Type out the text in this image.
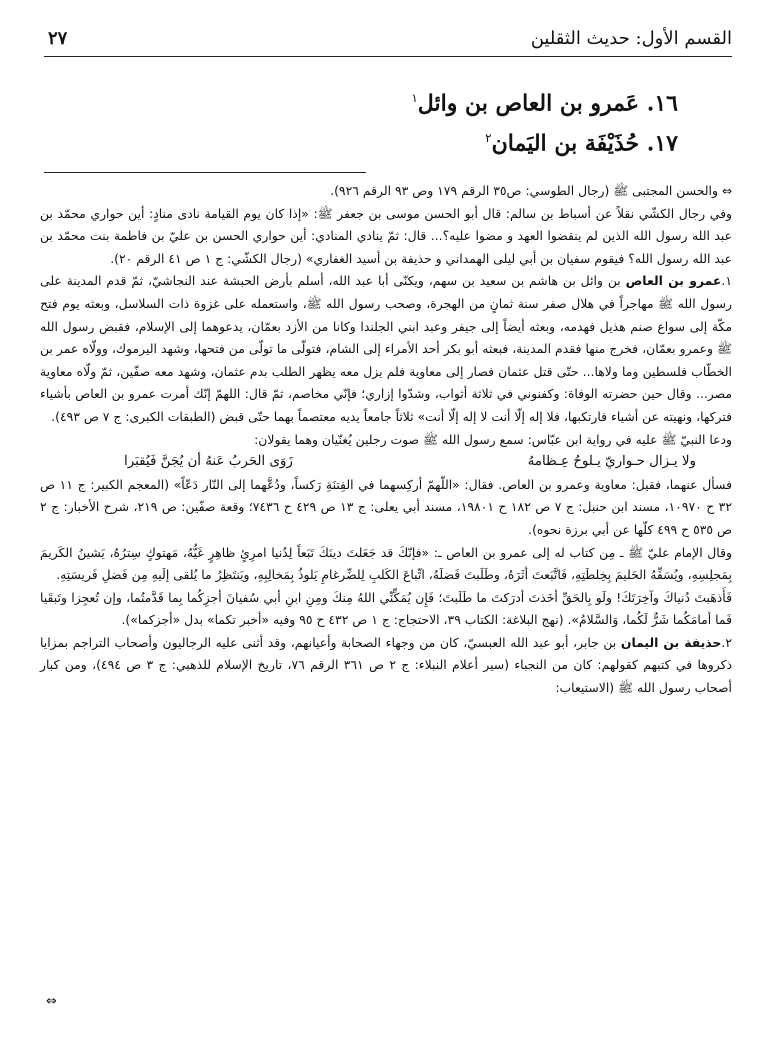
القسم الأول: حديث الثقلين
٢٧
١٦. عَمرو بن العاص بن وائل$^١$
١٧. حُذَيْفَة بن اليَمان$^٢$

⇔ والحسن المجتبى ﷺ (رجال الطوسي: ص٣٥ الرقم ١٧٩ وص ٩٣ الرقم ٩٢٦).

وفي رجال الكشّي نقلاً عن أسباط بن سالم: قال أبو الحسن موسى بن جعفر ﷺ: «إذا كان يوم القيامة نادى منادٍ: أين حواري محمّد بن عبد الله رسول الله الذين لم ينقضوا العهد و مضوا عليه؟... قال: ثمّ ينادي المنادي: أين حواري الحسن بن عليّ بن فاطمة بنت محمّد بن عبد الله رسول الله؟ فيقوم سفيان بن أبي ليلى الهمداني و حذيفة بن أسيد الغفاري» (رجال الكشّي: ج ١ ص ٤١ الرقم ٢٠).

١.عمرو بن العاص بن وائل بن هاشم بن سعيد بن سهم، ويكنّى أبا عبد الله، أسلم بأرض الحبشة عند النجاشيّ، ثمّ قدم المدينة على رسول الله ﷺ مهاجراً في هلال صفر سنة ثمانٍ من الهجرة، وصحب رسول الله ﷺ، واستعمله على غزوة ذات السلاسل، وبعثه يوم فتح مكّة إلى سواع صنم هذيل فهدمه، وبعثه أيضاً إلى جيفر وعبد ابني الجلندا وكانا من الأزد بعمّان، يدعوهما إلى الإسلام، فقبض رسول الله ﷺ وعمرو بعمّان، فخرج منها فقدم المدينة، فبعثه أبو بكر أحد الأمراء إلى الشام، فتولّى ما تولّى من فتحها، وشهد اليرموك، وولّاه عمر بن الخطّاب فلسطين وما ولاها... حتّى قتل عثمان فصار إلى معاوية فلم يزل معه يظهر الطلب بدم عثمان، وشهد معه صفّين، ثمّ ولّاه معاوية مصر... وقال حين حضرته الوفاة: وكفنوني في ثلاثة أثواب، وشدّوا إزاري؛ فإنّي مخاصم، ثمّ قال: اللهمّ إنّك أمرت عمرو بن العاص بأشياء فتركها، ونهيته عن أشياء فارتكبها، فلا إله إلّا أنت لا إله إلّا أنت» ثلاثاً جامعاً يديه معتصماً بهما حتّى قبض (الطبقات الكبرى: ج ٧ ص ٤٩٣).

ودعا النبيّ ﷺ عليه في رواية ابن عبّاس: سمع رسول الله ﷺ صوت رجلين يُغنّيان وهما يقولان:

ولا يـزال حـواريّ يـلوحُ عِـظامهُ
زَوَى الحَربُ عَنهُ أن يُجَنَّ فَيُقبَرا

فسأل عنهما، فقيل: معاوية وعمرو بن العاص. فقال: «اللّهمّ أركِسهما في الفِتنَةِ رَكساً، ودُعَّهما إلى النّار دَعّاً» (المعجم الكبير: ج ١١ ص ٣٢ ح ١٠٩٧٠، مسند ابن حنبل: ج ٧ ص ١٨٢ ح ١٩٨٠١، مسند أبي يعلى: ج ١٣ ص ٤٢٩ ح ٧٤٣٦؛ وقعة صفّين: ص ٢١٩، شرح الأخبار: ج ٢ ص ٥٣٥ ح ٤٩٩ كلّها عن أبي برزة نحوه).

وقال الإمام عليّ ﷺ ـ مِن كتاب له إلى عمرو بن العاص ـ: «فإنّكَ قد جَعَلتَ دينَكَ تَبَعاً لِدُنيا امرِئٍ ظاهِرٍ غَيُّهُ، مَهتوكٍ سِترُهُ، يَشينُ الكَريمَ بِمَجلِسِهِ، ويُسَفِّهُ الحَليمَ بِخِلطَتِهِ، فَاتَّبَعتَ أثَرَهُ، وطَلَبتَ فَضلَهُ، اتِّباعَ الكَلبِ لِلضِّرغامِ يَلوذُ بِمَخالِبِهِ، ويَنتَظِرُ ما يُلقى إلَيهِ مِن فَضلِ فَريسَتِهِ.

فَأَذهَبتَ دُنياكَ وآخِرَتَكَ! ولَو بِالحَقِّ أخَذتَ أدرَكتَ ما طَلَبتَ؛ فَإِن يُمَكِّنِّي اللهُ مِنكَ ومِنِ ابنِ أبي سُفيانَ أجزِكُما بِما قَدَّمتُما، وإن تُعجِزا وتَبقَيا فَما أمامَكُما شَرٌّ لَكُما، وَالسَّلامُ». (نهج البلاغة: الكتاب ٣٩، الاحتجاج: ج ١ ص ٤٣٢ ح ٩٥ وفيه «أخبر تكما» بدل «أجزكما»).

٢.حذيفة بن اليمان بن جابر، أبو عبد الله العبسيّ، كان من وجهاء الصحابة وأعيانهم، وقد أثنى عليه الرجاليون وأصحاب التراجم بمزايا ذكروها في كتبهم كقولهم: كان من النجباء (سير أعلام النبلاء: ج ٢ ص ٣٦١ الرقم ٧٦، تاريخ الإسلام للذهبي: ج ٣ ص ٤٩٤)، ومن كبار أصحاب رسول الله ﷺ (الاستيعاب:

⇔
